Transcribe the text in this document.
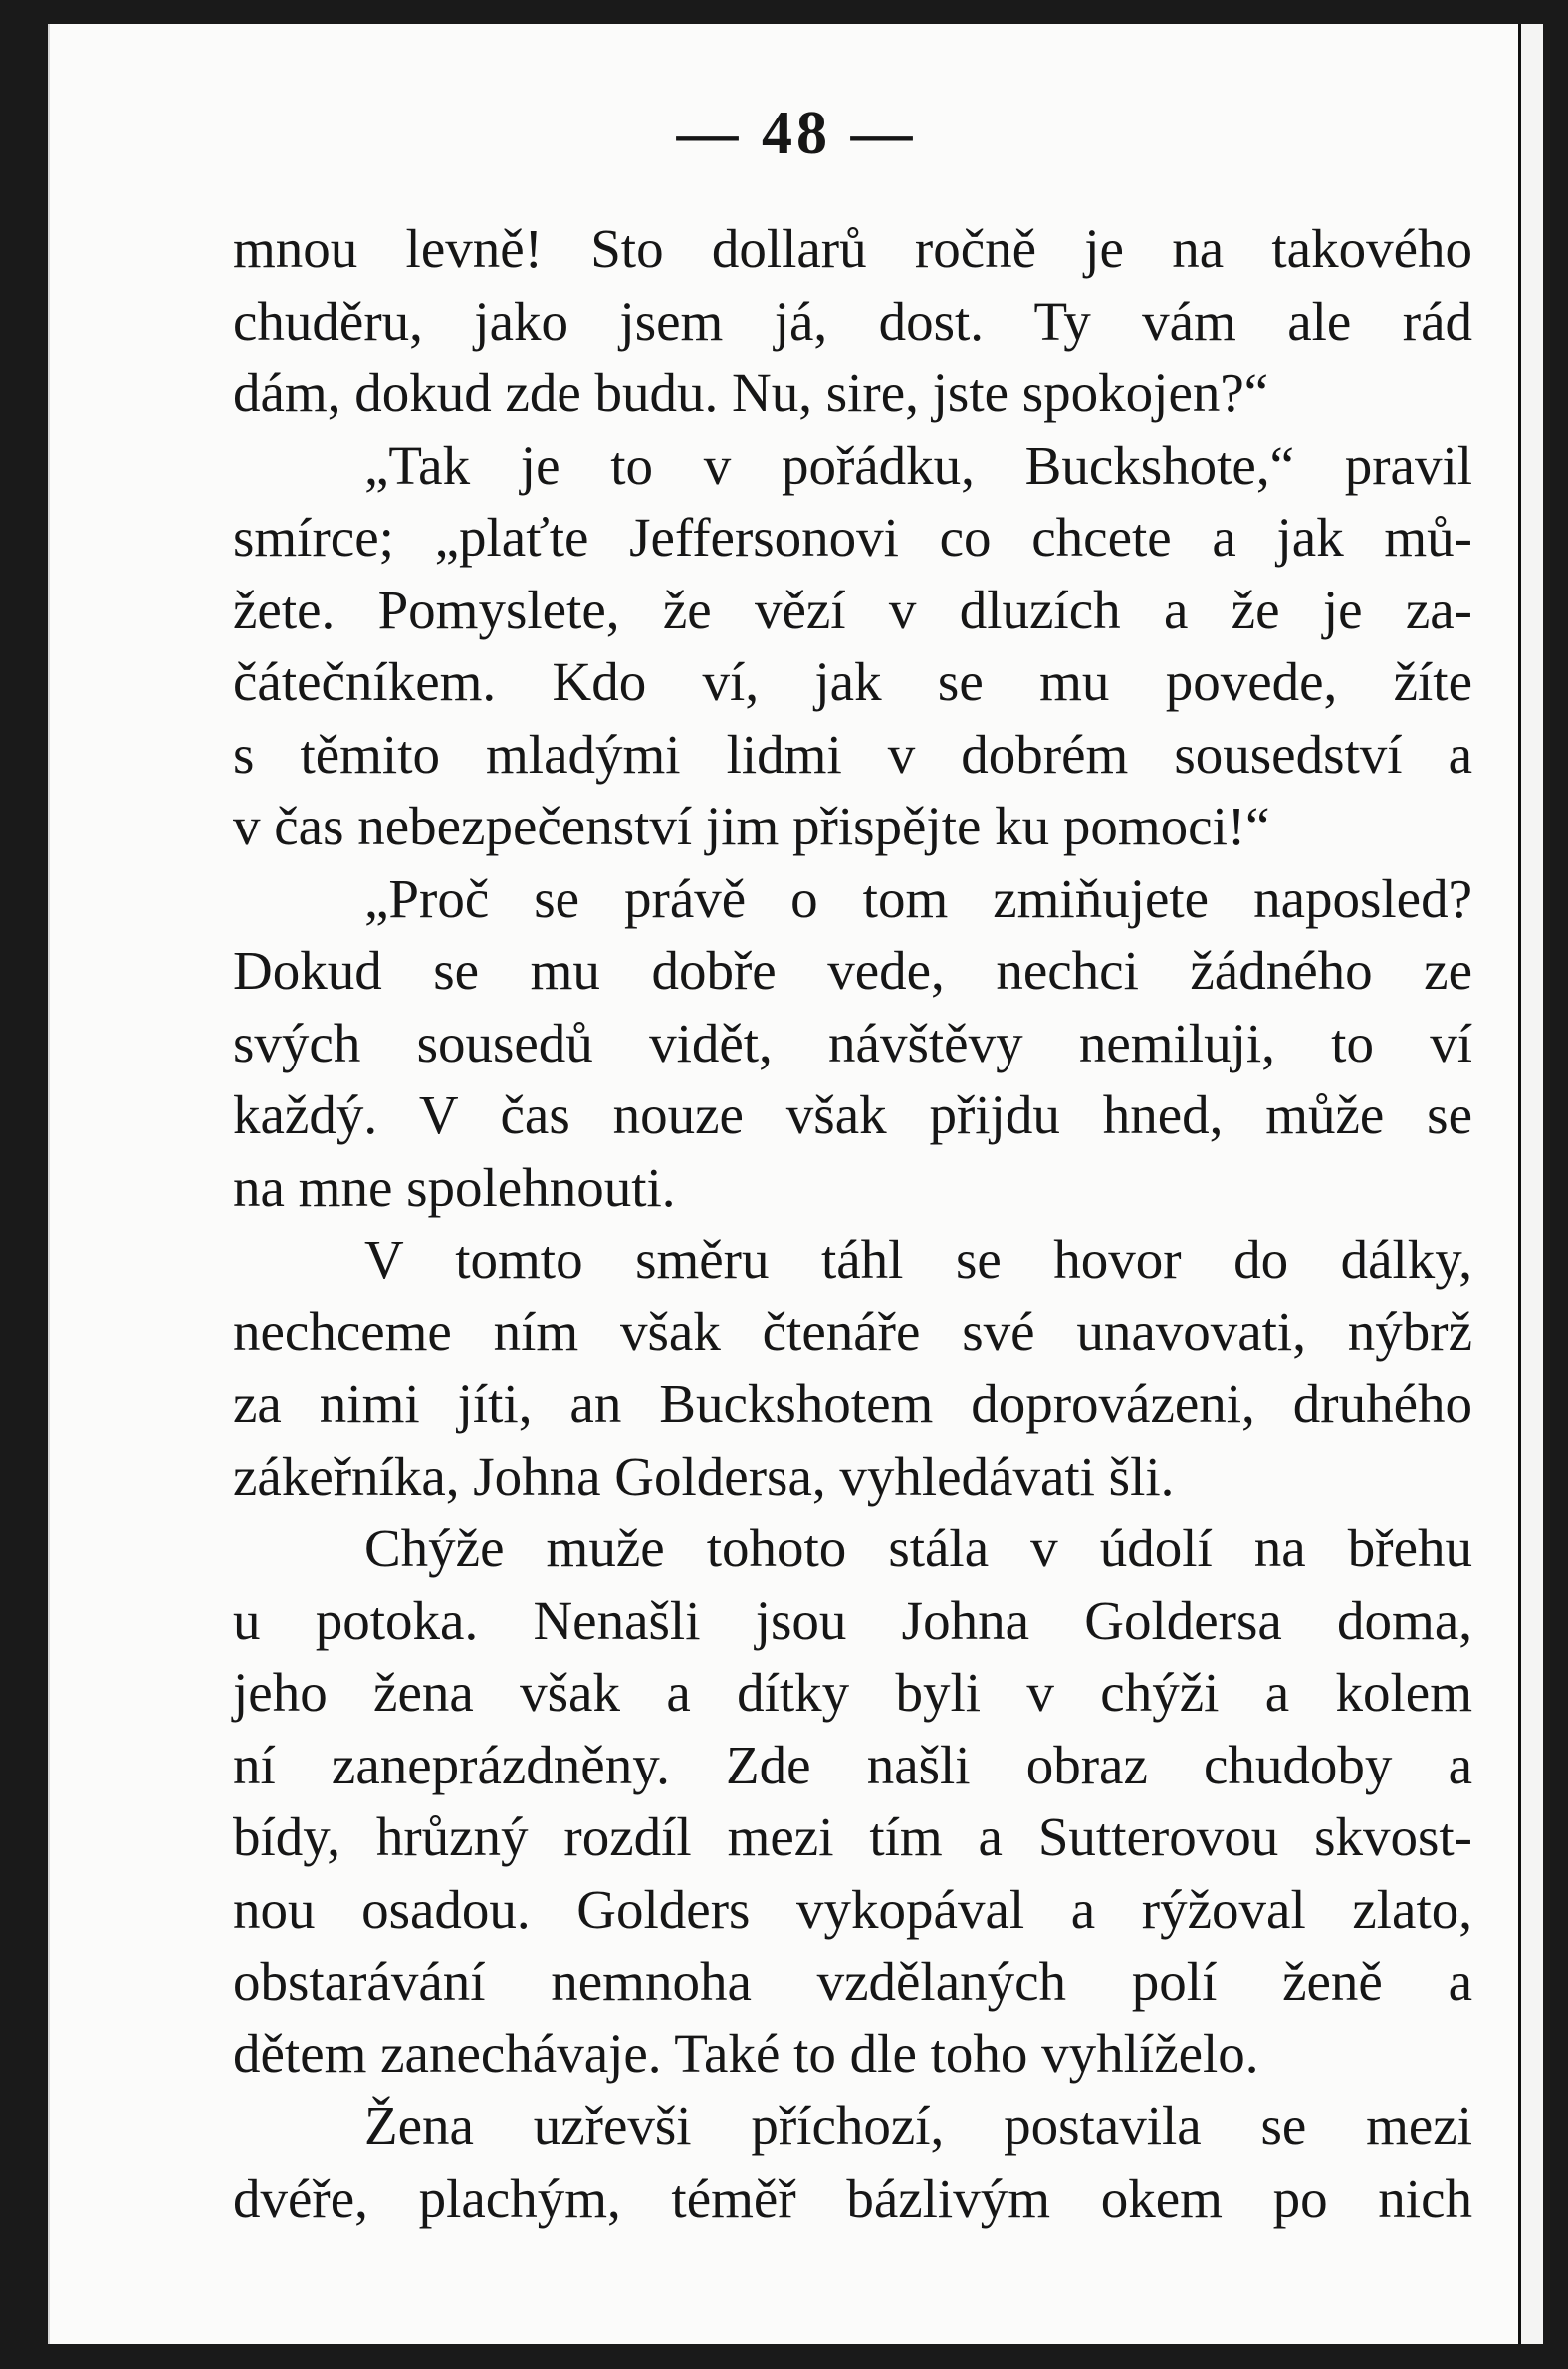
— 48 —
mnou levně! Sto dollarů ročně je na takového
chuděru, jako jsem já, dost. Ty vám ale rád
dám, dokud zde budu. Nu, sire, jste spokojen?“
„Tak je to v pořádku, Buckshote,“ pravil
smírce; „plaťte Jeffersonovi co chcete a jak mů-
žete. Pomyslete, že vězí v dluzích a že je za-
čátečníkem. Kdo ví, jak se mu povede, žíte
s těmito mladými lidmi v dobrém sousedství a
v čas nebezpečenství jim přispějte ku pomoci!“
„Proč se právě o tom zmiňujete naposled?
Dokud se mu dobře vede, nechci žádného ze
svých sousedů vidět, návštěvy nemiluji, to ví
každý. V čas nouze však přijdu hned, může se
na mne spolehnouti.
V tomto směru táhl se hovor do dálky,
nechceme ním však čtenáře své unavovati, nýbrž
za nimi jíti, an Buckshotem doprovázeni, druhého
zákeřníka, Johna Goldersa, vyhledávati šli.
Chýže muže tohoto stála v údolí na břehu
u potoka. Nenašli jsou Johna Goldersa doma,
jeho žena však a dítky byli v chýži a kolem
ní zaneprázdněny. Zde našli obraz chudoby a
bídy, hrůzný rozdíl mezi tím a Sutterovou skvost-
nou osadou. Golders vykopával a rýžoval zlato,
obstarávání nemnoha vzdělaných polí ženě a
dětem zanechávaje. Také to dle toho vyhlíželo.
Žena uzřevši příchozí, postavila se mezi
dvéře, plachým, téměř bázlivým okem po nich
